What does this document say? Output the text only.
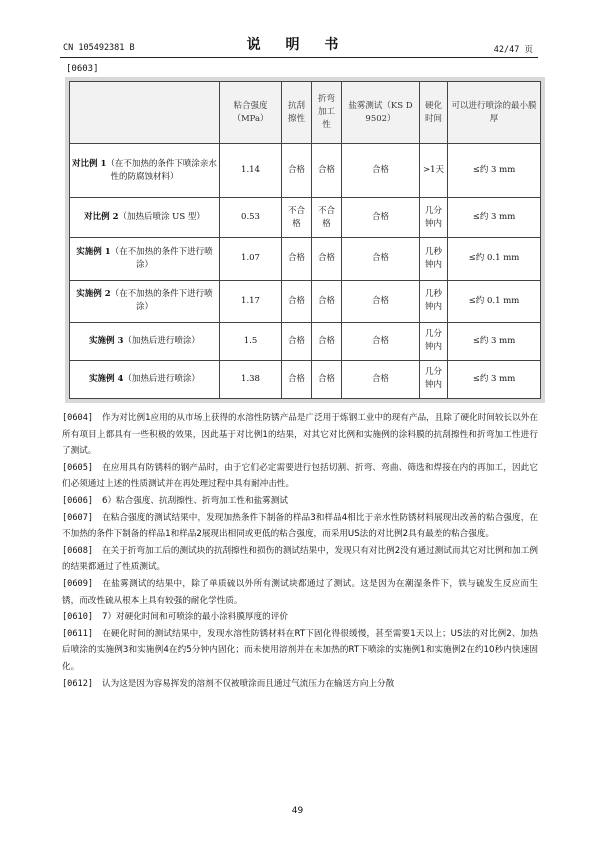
CN 105492381 B	说 明 书	42/47 页
[0603]
	粘合强度（MPa）	抗刮擦性	折弯加工性	盐雾测试（KS D 9502）	硬化时间	可以进行喷涂的最小膜厚
对比例 1（在不加热的条件下喷涂亲水性的防腐蚀材料）	1.14	合格	合格	合格	>1天	≤约 3 mm
对比例 2（加热后喷涂 US 型）	0.53	不合格	不合格	合格	几分钟内	≤约 3 mm
实施例 1（在不加热的条件下进行喷涂）	1.07	合格	合格	合格	几秒钟内	≤约 0.1 mm
实施例 2（在不加热的条件下进行喷涂）	1.17	合格	合格	合格	几秒钟内	≤约 0.1 mm
实施例 3（加热后进行喷涂）	1.5	合格	合格	合格	几分钟内	≤约 3 mm
实施例 4（加热后进行喷涂）	1.38	合格	合格	合格	几分钟内	≤约 3 mm

[0604] 作为对比例1应用的从市场上获得的水溶性防锈产品是广泛用于炼钢工业中的现有产品，且除了硬化时间较长以外在所有项目上都具有一些积极的效果，因此基于对比例1的结果，对其它对比例和实施例的涂料膜的抗刮擦性和折弯加工性进行了测试。

[0605] 在应用具有防锈料的钢产品时，由于它们必定需要进行包括切割、折弯、弯曲、筛选和焊接在内的再加工，因此它们必须通过上述的性质测试并在再处理过程中具有耐冲击性。

[0606] 6）粘合强度、抗刮擦性、折弯加工性和盐雾测试

[0607] 在粘合强度的测试结果中，发现加热条件下制备的样品3和样品4相比于亲水性防锈材料展现出改善的粘合强度，在不加热的条件下制备的样品1和样品2展现出相同或更低的粘合强度，而采用US法的对比例2具有最差的粘合强度。

[0608] 在关于折弯加工后的测试块的抗刮擦性和损伤的测试结果中，发现只有对比例2没有通过测试而其它对比例和加工例的结果都通过了性质测试。

[0609] 在盐雾测试的结果中，除了单质硫以外所有测试块都通过了测试。这是因为在潮湿条件下，铁与硫发生反应而生锈，而改性硫从根本上具有较强的耐化学性质。

[0610] 7）对硬化时间和可喷涂的最小涂料膜厚度的评价

[0611] 在硬化时间的测试结果中，发现水溶性防锈材料在RT下固化得很缓慢，甚至需要1天以上；US法的对比例2、加热后喷涂的实施例3和实施例4在约5分钟内固化；而未使用溶剂并在未加热的RT下喷涂的实施例1和实施例2在约10秒内快速固化。

[0612] 认为这是因为容易挥发的溶剂不仅被喷涂而且通过气流压力在输送方向上分散

49
